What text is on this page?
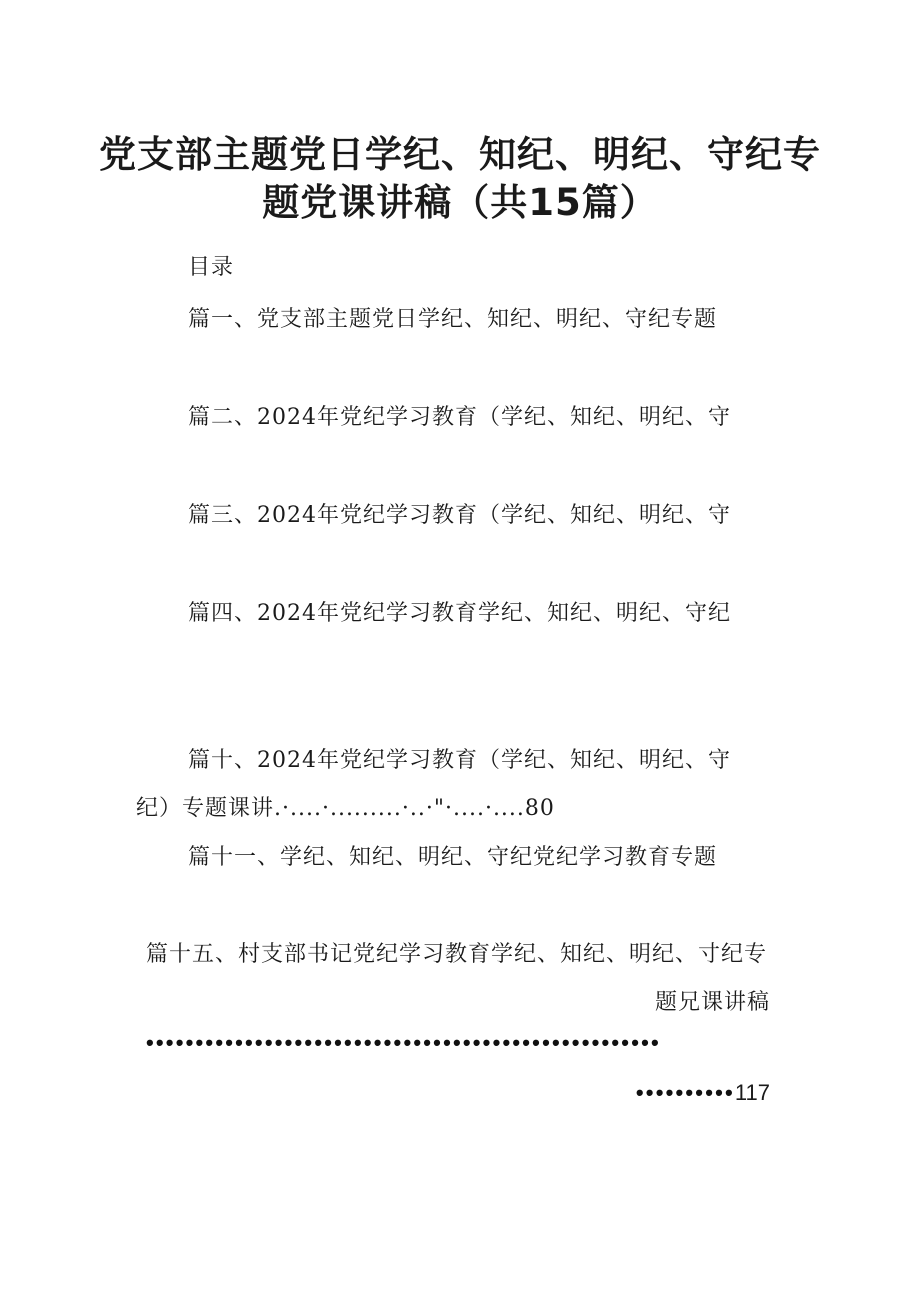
党支部主题党日学纪、知纪、明纪、守纪专
题党课讲稿（共15篇）
目录
篇一、党支部主题党日学纪、知纪、明纪、守纪专题
篇二、2024年党纪学习教育（学纪、知纪、明纪、守
篇三、2024年党纪学习教育（学纪、知纪、明纪、守
篇四、2024年党纪学习教育学纪、知纪、明纪、守纪
篇十、2024年党纪学习教育（学纪、知纪、明纪、守
纪）专题课讲.·....·.........·..·"·....·....80
篇十一、学纪、知纪、明纪、守纪党纪学习教育专题
篇十五、村支部书记党纪学习教育学纪、知纪、明纪、寸纪专
题兄课讲稿
••••••••••••••••••••••••••••••••••••••••••••••••••••
••••••••••117
